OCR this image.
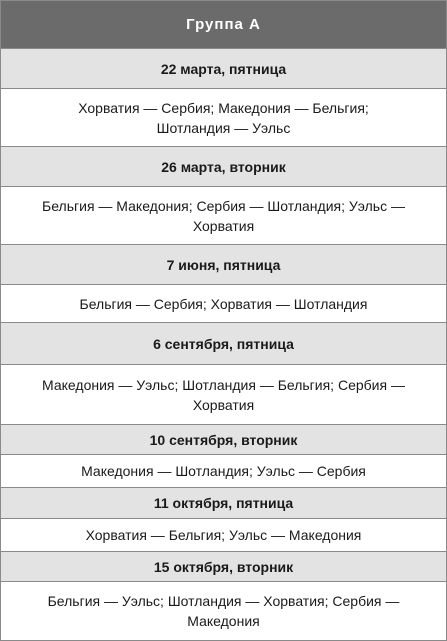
Группа А
22 марта, пятница
Хорватия — Сербия; Македония — Бельгия; Шотландия — Уэльс
26 марта, вторник
Бельгия — Македония; Сербия — Шотландия; Уэльс — Хорватия
7 июня, пятница
Бельгия — Сербия; Хорватия — Шотландия
6 сентября, пятница
Македония — Уэльс; Шотландия — Бельгия; Сербия — Хорватия
10 сентября, вторник
Македония — Шотландия; Уэльс — Сербия
11 октября, пятница
Хорватия — Бельгия; Уэльс — Македония
15 октября, вторник
Бельгия — Уэльс; Шотландия — Хорватия; Сербия — Македония
